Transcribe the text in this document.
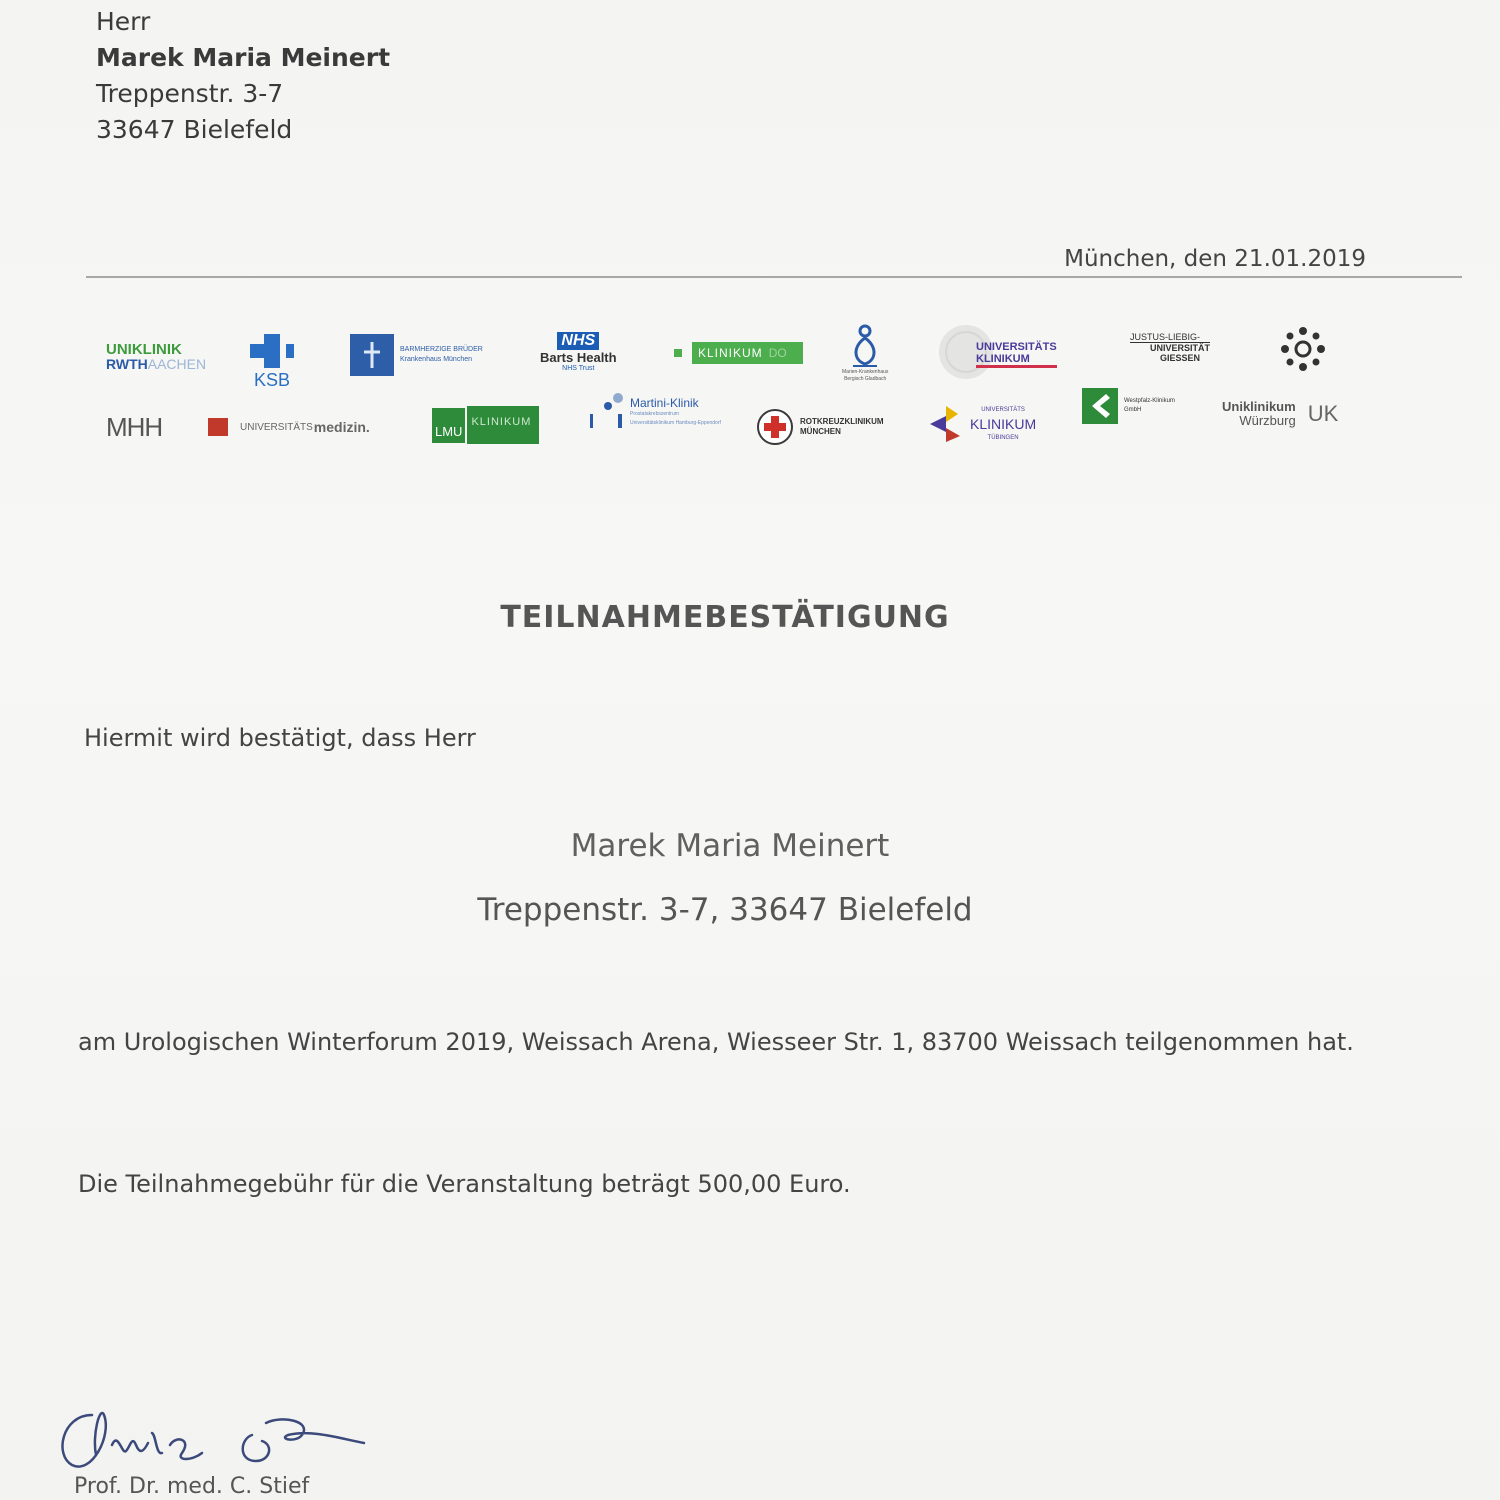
Herr
Marek Maria Meinert
Treppenstr. 3-7
33647 Bielefeld
München, den 21.01.2019
UNIKLINIK
RWTHAACHEN
KSB
BARMHERZIGE BRÜDER
Krankenhaus München
NHS
Barts Health
NHS Trust
KLINIKUM DO
Marien-Krankenhaus
Bergisch Gladbach
UNIVERSITÄTS
KLINIKUM
JUSTUS-LIEBIG-
UNIVERSITÄT
GIESSEN
MHH	UNIVERSITÄTS medizin.	LMU
KLINIKUM
Martini-Klinik
Prostatakrebszentrum
Universitätsklinikum Hamburg-Eppendorf	ROTKREUZKLINIKUM
MÜNCHEN
UNIVERSITÄTS
KLINIKUM
TÜBINGEN
Westpfalz-Klinikum
GmbH	Uniklinikum
Würzburg UK
TEILNAHMEBESTÄTIGUNG

Hiermit wird bestätigt, dass Herr

Marek Maria Meinert

Treppenstr. 3-7, 33647 Bielefeld

am Urologischen Winterforum 2019, Weissach Arena, Wiesseer Str. 1, 83700 Weissach teilgenommen hat.

Die Teilnahmegebühr für die Veranstaltung beträgt 500,00 Euro.

Prof. Dr. med. C. Stief
